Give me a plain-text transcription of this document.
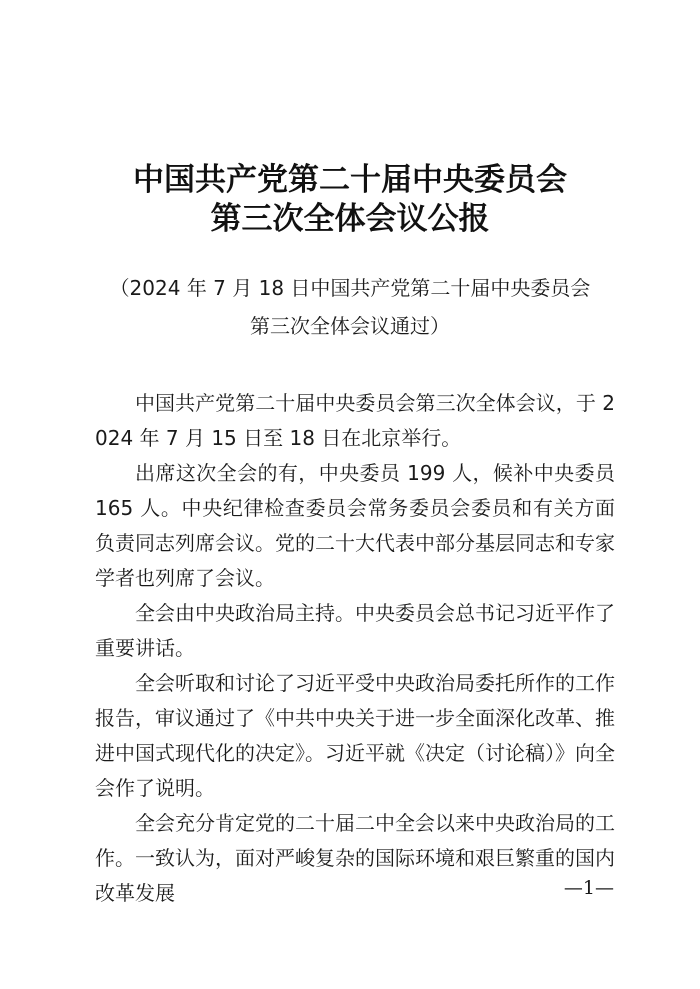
中国共产党第二十届中央委员会
第三次全体会议公报
（2024 年 7 月 18 日中国共产党第二十届中央委员会
第三次全体会议通过）

中国共产党第二十届中央委员会第三次全体会议，于 2024 年 7 月 15 日至 18 日在北京举行。

出席这次全会的有，中央委员 199 人，候补中央委员 165 人。中央纪律检查委员会常务委员会委员和有关方面负责同志列席会议。党的二十大代表中部分基层同志和专家学者也列席了会议。

全会由中央政治局主持。中央委员会总书记习近平作了重要讲话。

全会听取和讨论了习近平受中央政治局委托所作的工作报告，审议通过了《中共中央关于进一步全面深化改革、推进中国式现代化的决定》。习近平就《决定（讨论稿）》向全会作了说明。

全会充分肯定党的二十届二中全会以来中央政治局的工作。一致认为，面对严峻复杂的国际环境和艰巨繁重的国内改革发展	—1—
